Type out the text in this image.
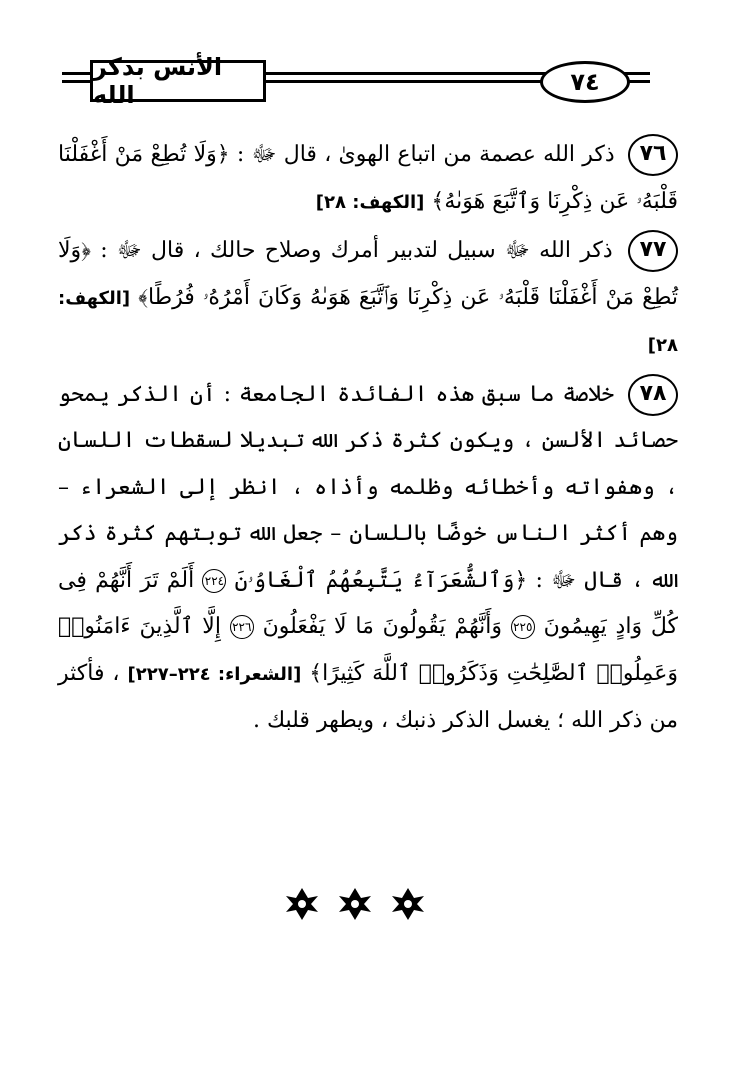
الأنس بذكر الله	٧٤

٧٦ ذكر الله عصمة من اتباع الهوىٰ ، قال ﷻ : ﴿وَلَا تُطِعْ مَنْ أَغْفَلْنَا قَلْبَهُۥ عَن ذِكْرِنَا وَٱتَّبَعَ هَوَىٰهُ﴾ [الكهف: ٢٨]

٧٧ ذكر الله ﷻ سبيل لتدبير أمرك وصلاح حالك ، قال ﷻ : ﴿وَلَا تُطِعْ مَنْ أَغْفَلْنَا قَلْبَهُۥ عَن ذِكْرِنَا وَٱتَّبَعَ هَوَىٰهُ وَكَانَ أَمْرُهُۥ فُرُطًا﴾ [الكهف: ٢٨]

٧٨ خلاصة ما سبق هذه الفائدة الجامعة : أن الذكر يمحو حصائد الألسن ، ويكون كثرة ذكر الله تبديلا لسقطات اللسان ، وهفواته وأخطائه وظلمه وأذاه ، انظر إلى الشعراء – وهم أكثر الناس خوضًا باللسان – جعل الله توبتهم كثرة ذكر الله ، قال ﷻ : ﴿وَٱلشُّعَرَآءُ يَتَّبِعُهُمُ ٱلْغَاوُۥنَ ٢٢٤ أَلَمْ تَرَ أَنَّهُمْ فِى كُلِّ وَادٍ يَهِيمُونَ ٢٢٥ وَأَنَّهُمْ يَقُولُونَ مَا لَا يَفْعَلُونَ ٢٢٦ إِلَّا ٱلَّذِينَ ءَامَنُوا۟ وَعَمِلُوا۟ ٱلصَّٰلِحَٰتِ وَذَكَرُوا۟ ٱللَّهَ كَثِيرًا﴾ [الشعراء: ٢٢٤–٢٢٧] ، فأكثر من ذكر الله ؛ يغسل الذكر ذنبك ، ويطهر قلبك .
